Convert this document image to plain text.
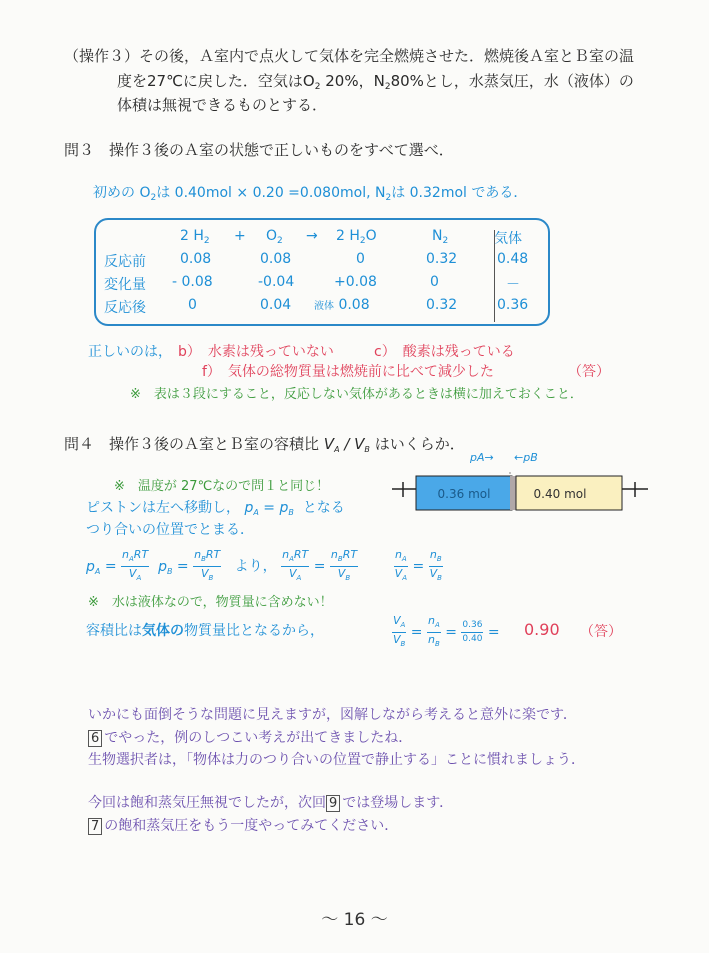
（操作３）その後，Ａ室内で点火して気体を完全燃焼させた．燃焼後Ａ室とＢ室の温
度を27℃に戻した．空気は$O_2$ 20%，$N_280\%$とし，水蒸気圧，水（液体）の
体積は無視できるものとする．
問３　操作３後のＡ室の状態で正しいものをすべて選べ．
初めの $O_2$は 0.40mol × 0.20 =0.080mol, $N_2$は 0.32mol である．
2 $H_2 + O_2 \to 2$ $H_2O$	$N_2$	気体
反応前 0.08	0.08	0	0.32	0.48
変化量 - 0.08	-0.04	+0.08	0	－
反応後	0	0.04 液体 0.08	0.32	0.36
正しいのは， b）　水素は残っていない	c）　酸素は残っている
f）　気体の総物質量は燃焼前に比べて減少した	（答）
※　表は３段にすること，反応しない気体があるときは横に加えておくこと．
問４　操作３後のＡ室とＢ室の容積比 $V_A / V_B$ はいくらか．
※　温度が 27℃なので問１と同じ！
ピストンは左へ移動し， $p_A = p_B$ となる
つり合いの位置でとまる．
$p_A = \frac{n_ART}{V_A} p_B = \frac{n_BRT}{V_B}$ より， $\frac{n_ART}{V_A} = \frac{n_BRT}{V_B}$
	$\frac{n_A}{V_A} = \frac{n_B}{V_B}$
※　水は液体なので，物質量に含めない！
容積比は気体の物質量比となるから，	$\frac{V_A}{V_B} = \frac{n_A}{n_B} = \frac{0.36}{0.40} = 0.90$ （答）
pA→ ←pB
0.36 mol	0.40 mol
いかにも面倒そうな問題に見えますが，図解しながら考えると意外に楽です．
6 でやった，例のしつこい考えが出てきましたね．
生物選択者は，「物体は力のつり合いの位置で静止する」ことに慣れましょう．
今回は飽和蒸気圧無視でしたが，次回 9 では登場します．
7 の飽和蒸気圧をもう一度やってみてください．
～ 16 ～
